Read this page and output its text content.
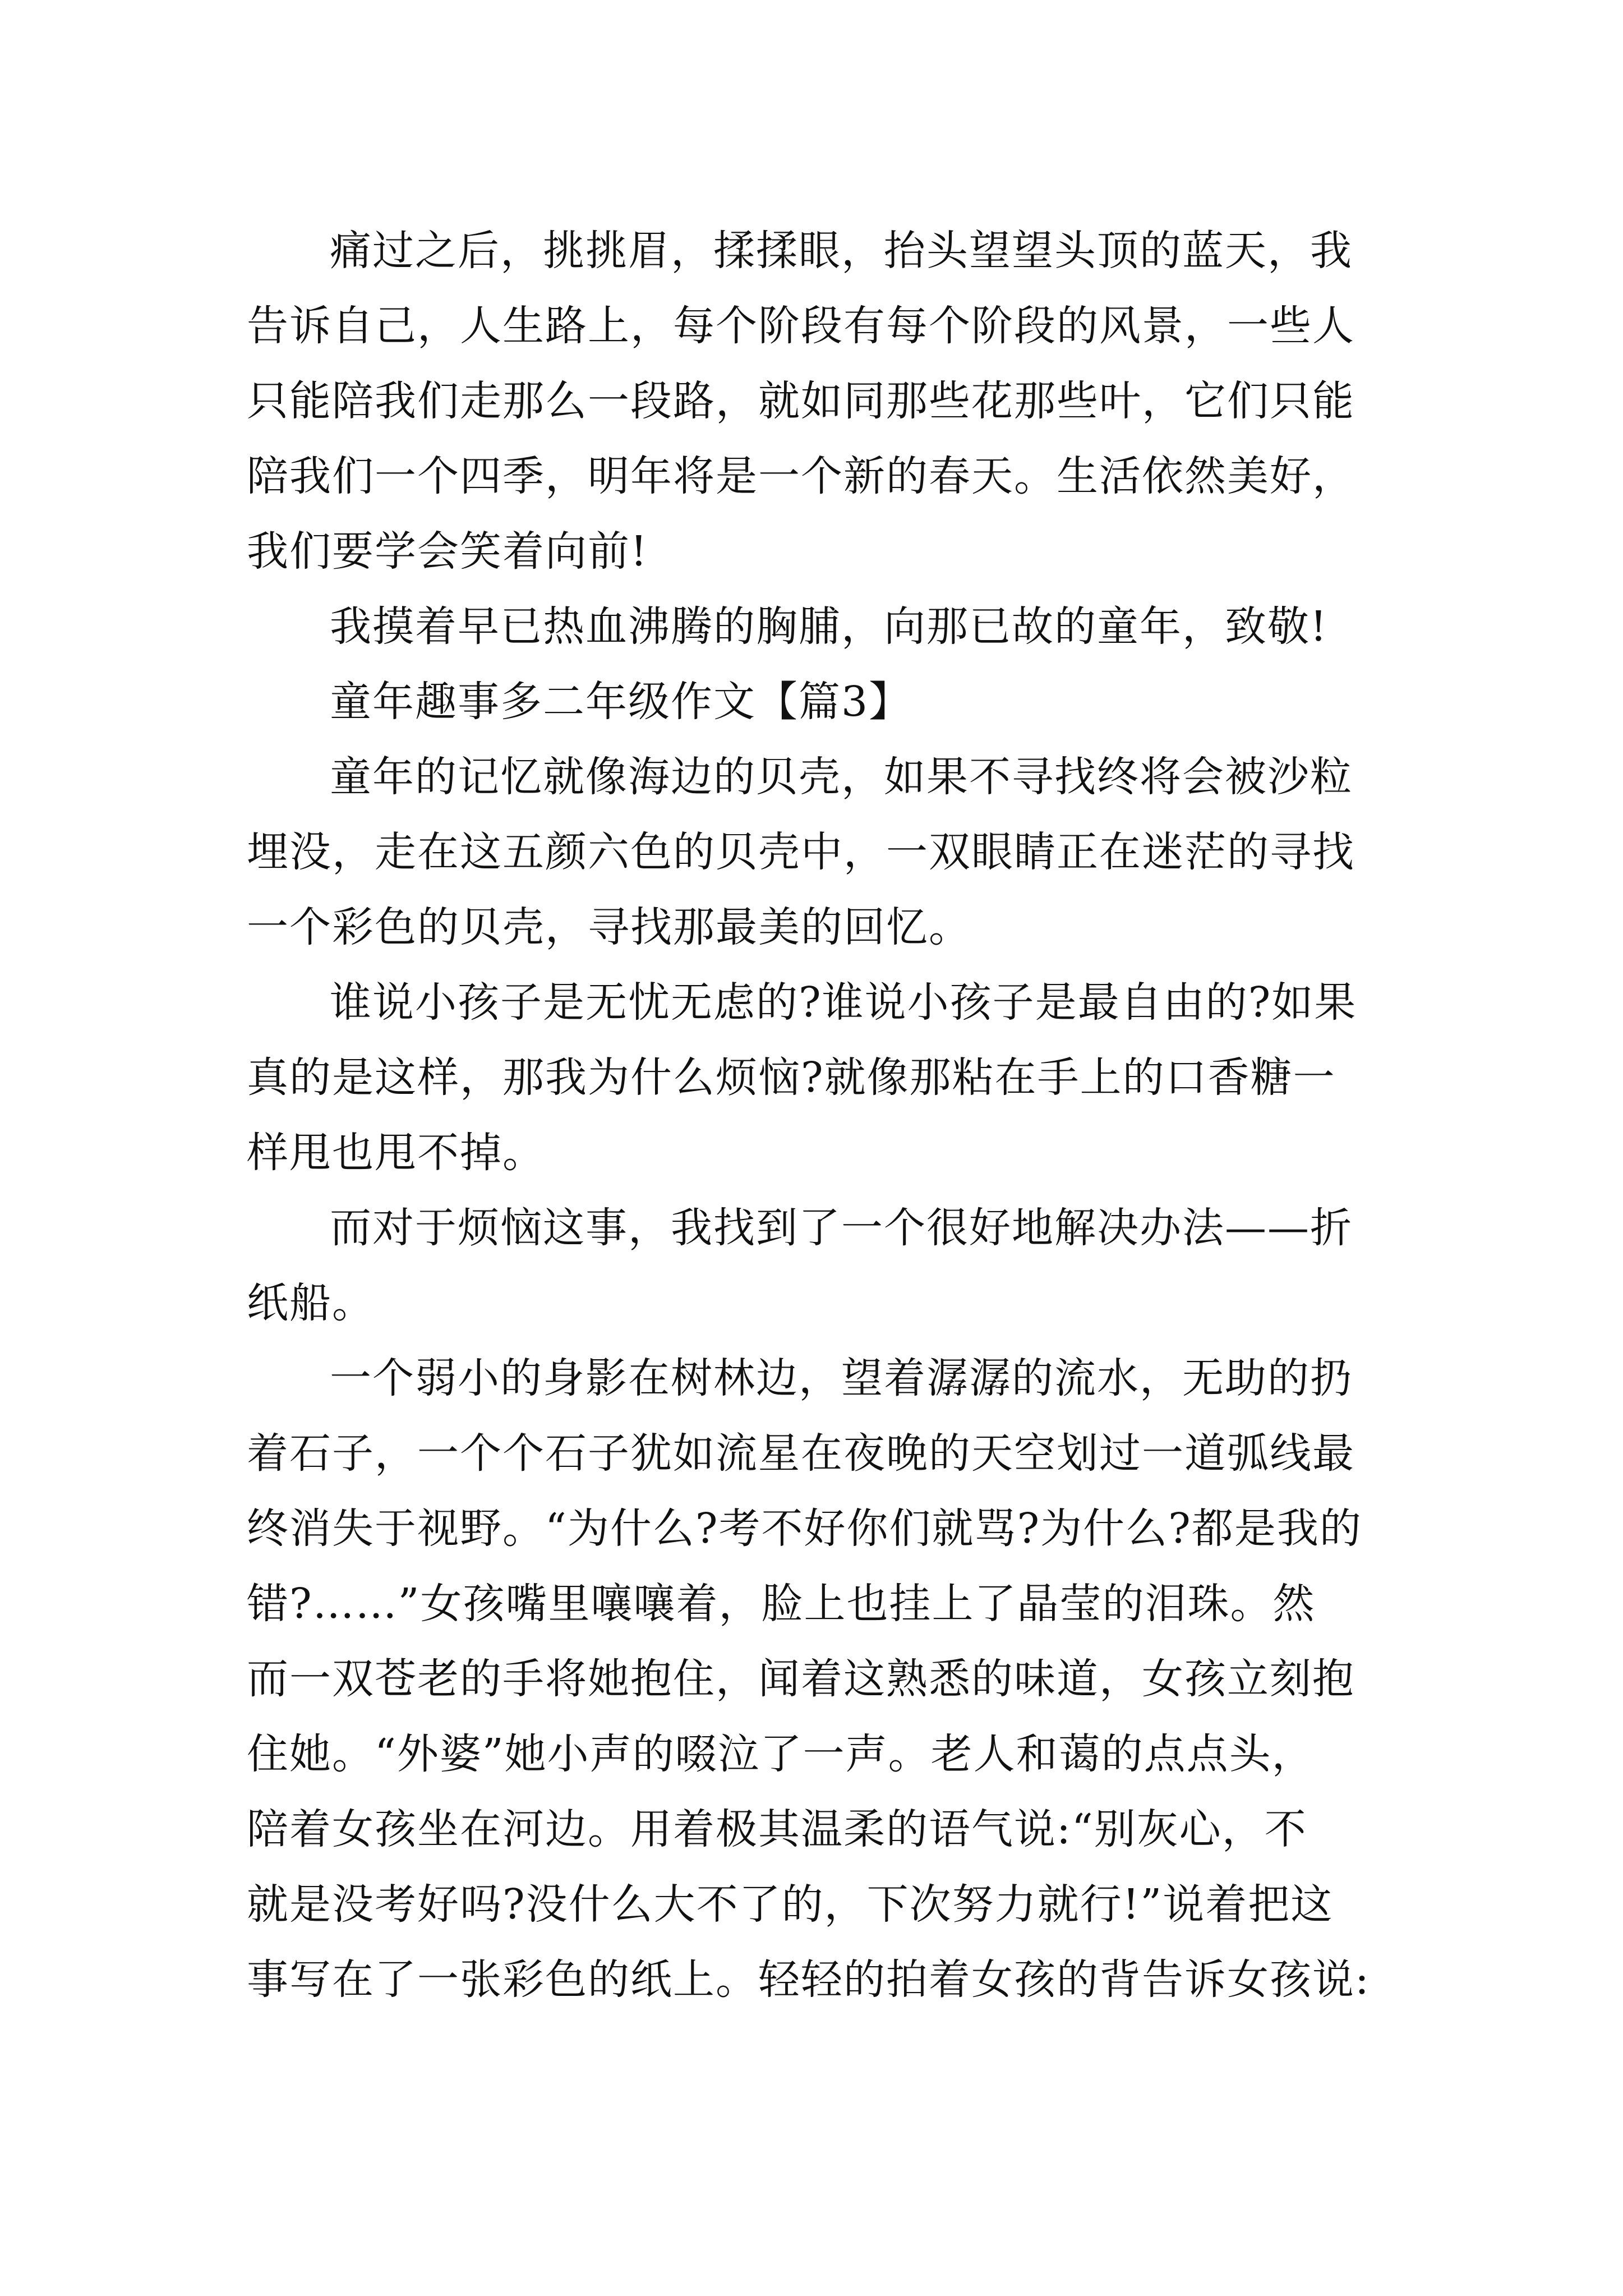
痛过之后，挑挑眉，揉揉眼，抬头望望头顶的蓝天，我
告诉自己，人生路上，每个阶段有每个阶段的风景，一些人
只能陪我们走那么一段路，就如同那些花那些叶，它们只能
陪我们一个四季，明年将是一个新的春天。生活依然美好，
我们要学会笑着向前!
我摸着早已热血沸腾的胸脯，向那已故的童年，致敬!
童年趣事多二年级作文【篇3】
童年的记忆就像海边的贝壳，如果不寻找终将会被沙粒
埋没，走在这五颜六色的贝壳中，一双眼睛正在迷茫的寻找
一个彩色的贝壳，寻找那最美的回忆。
谁说小孩子是无忧无虑的?谁说小孩子是最自由的?如果
真的是这样，那我为什么烦恼?就像那粘在手上的口香糖一
样甩也甩不掉。
而对于烦恼这事，我找到了一个很好地解决办法——折
纸船。
一个弱小的身影在树林边，望着潺潺的流水，无助的扔
着石子，一个个石子犹如流星在夜晚的天空划过一道弧线最
终消失于视野。“为什么?考不好你们就骂?为什么?都是我的
错?……”女孩嘴里嚷嚷着，脸上也挂上了晶莹的泪珠。然
而一双苍老的手将她抱住，闻着这熟悉的味道，女孩立刻抱
住她。“外婆”她小声的啜泣了一声。老人和蔼的点点头，
陪着女孩坐在河边。用着极其温柔的语气说:“别灰心，不
就是没考好吗?没什么大不了的，下次努力就行!”说着把这
事写在了一张彩色的纸上。轻轻的拍着女孩的背告诉女孩说:
